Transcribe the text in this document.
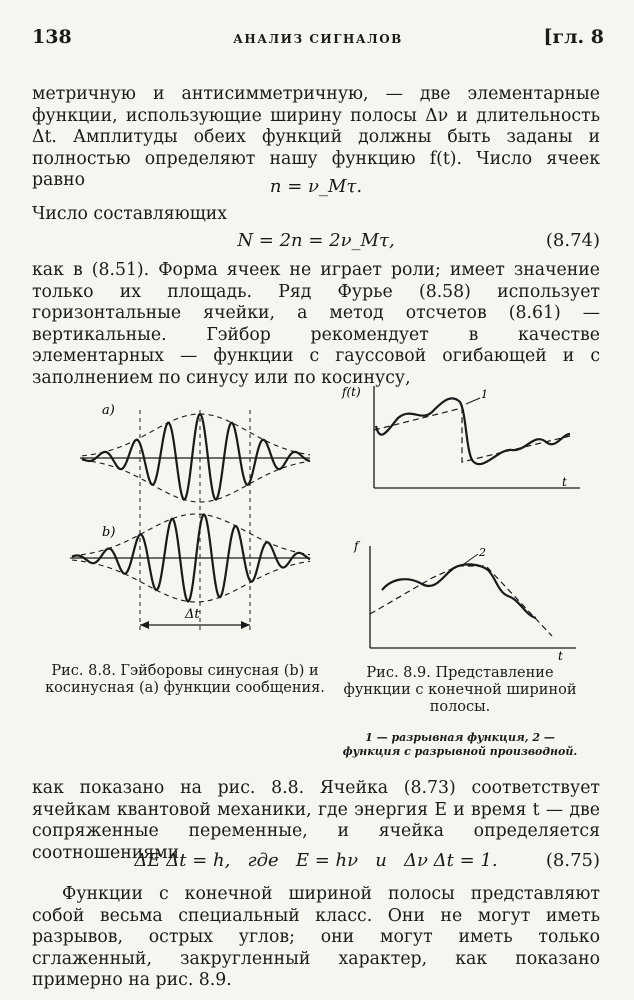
138	АНАЛИЗ СИГНАЛОВ	[гл. 8

метричную и антисимметричную, — две элементарные функции, использующие ширину полосы Δν и длительность Δt. Амплитуды обеих функций должны быть заданы и полностью определяют нашу функцию f(t). Число ячеек равно	n = ν_Mτ.
Число составляющих
N = 2n = 2ν_Mτ,	(8.74)

как в (8.51). Форма ячеек не играет роли; имеет значение только их площадь. Ряд Фурье (8.58) использует горизонтальные ячейки, а метод отсчетов (8.61) — вертикальные. Гэйбор рекомендует в качестве элементарных — функции с гауссовой огибающей и с заполнением по синусу или по косинусу,

a)
b)
Δt
Рис. 8.8. Гэйборовы синусная (b) и косинусная (a) функции сообщения.
f(t)
t
1
f
t
2
Рис. 8.9. Представление функции с конечной шириной полосы.
1 — разрывная функция, 2 — функция с разрывной производной.

как показано на рис. 8.8. Ячейка (8.73) соответствует ячейкам квантовой механики, где энергия E и время t — две сопряженные переменные, и ячейка определяется соотношениями

ΔE Δt = h,   где   E = hν   и   Δν Δt = 1.	(8.75)

Функции с конечной шириной полосы представляют собой весьма специальный класс. Они не могут иметь разрывов, острых углов; они могут иметь только сглаженный, закругленный характер, как показано примерно на рис. 8.9.
